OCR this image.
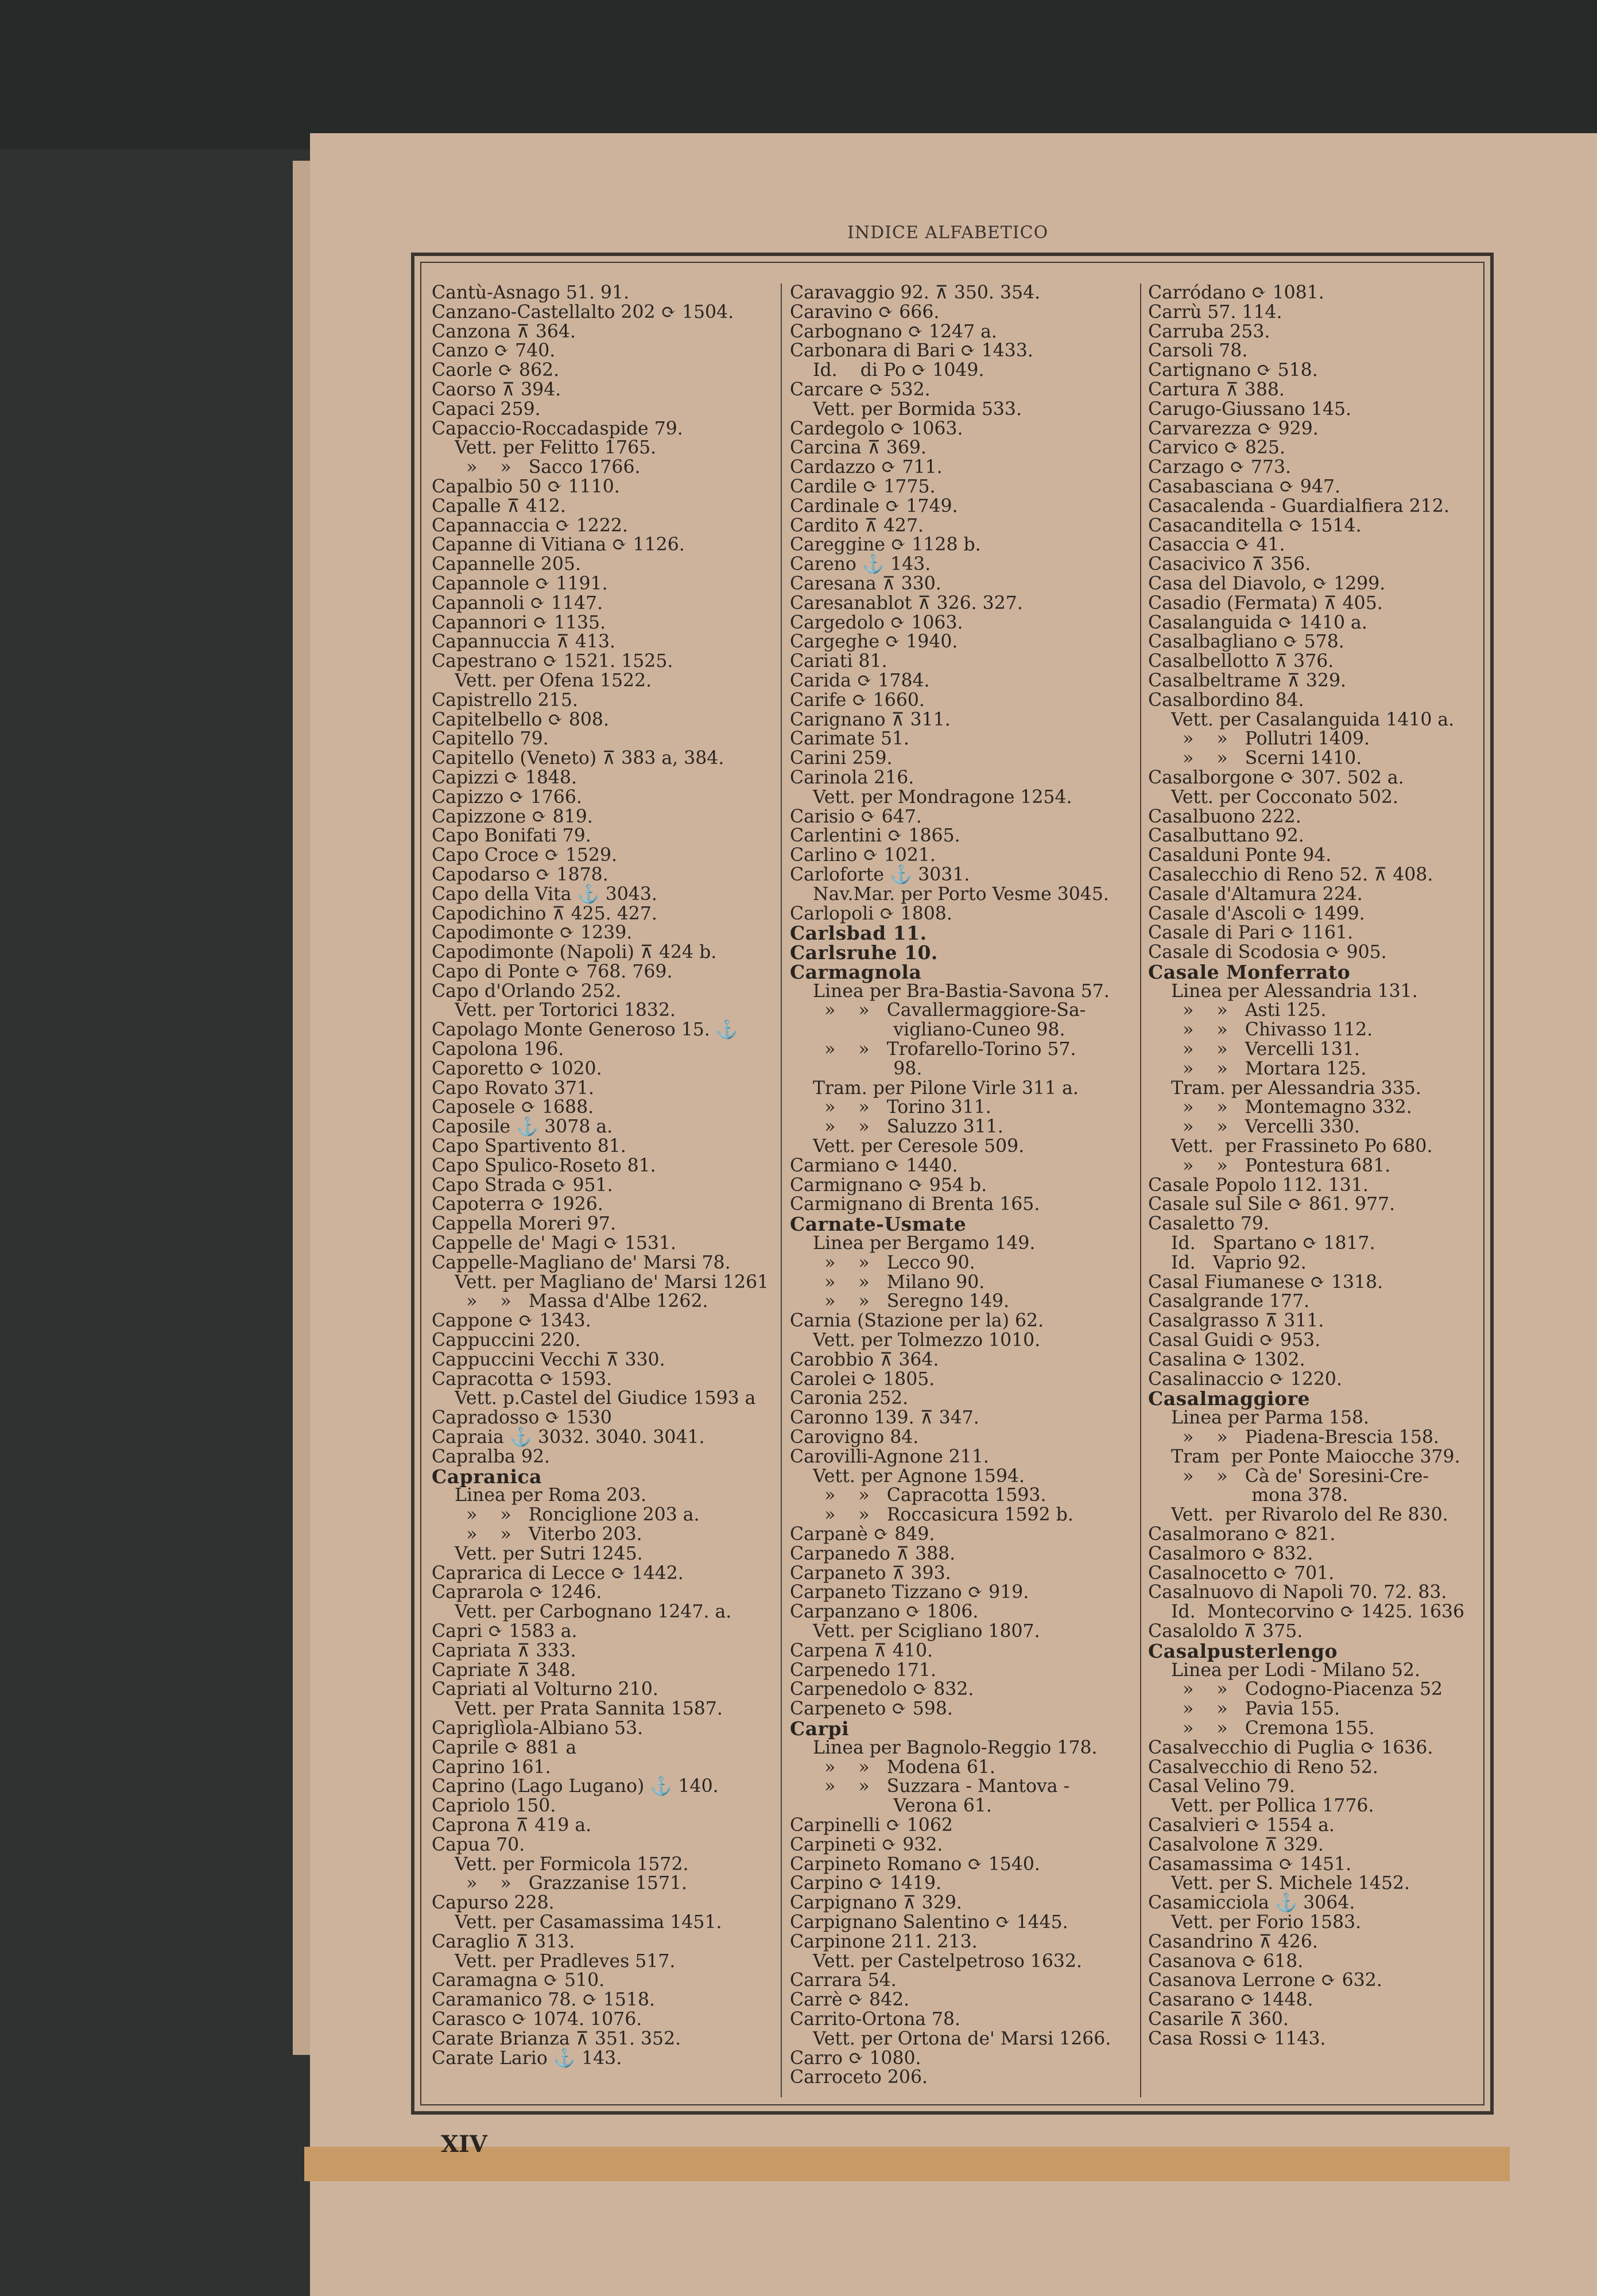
INDICE ALFABETICO
Cantù-Asnago 51. 91.
Canzano-Castellalto 202 ⟳ 1504.
Canzona ⊼ 364.
Canzo ⟳ 740.
Caorle ⟳ 862.
Caorso ⊼ 394.
Capaci 259.
Capaccio-Roccadaspide 79.
Vett. per Felitto 1765.
»    »   Sacco 1766.
Capalbio 50 ⟳ 1110.
Capalle ⊼ 412.
Capannaccia ⟳ 1222.
Capanne di Vitiana ⟳ 1126.
Capannelle 205.
Capannole ⟳ 1191.
Capannoli ⟳ 1147.
Capannori ⟳ 1135.
Capannuccia ⊼ 413.
Capestrano ⟳ 1521. 1525.
Vett. per Ofena 1522.
Capistrello 215.
Capitelbello ⟳ 808.
Capitello 79.
Capitello (Veneto) ⊼ 383 a, 384.
Capizzi ⟳ 1848.
Capizzo ⟳ 1766.
Capizzone ⟳ 819.
Capo Bonifati 79.
Capo Croce ⟳ 1529.
Capodarso ⟳ 1878.
Capo della Vita ⚓ 3043.
Capodichino ⊼ 425. 427.
Capodimonte ⟳ 1239.
Capodimonte (Napoli) ⊼ 424 b.
Capo di Ponte ⟳ 768. 769.
Capo d'Orlando 252.
Vett. per Tortorici 1832.
Capolago Monte Generoso 15. ⚓
Capolona 196.
Caporetto ⟳ 1020.
Capo Rovato 371.
Caposele ⟳ 1688.
Caposile ⚓ 3078 a.
Capo Spartivento 81.
Capo Spulico-Roseto 81.
Capo Strada ⟳ 951.
Capoterra ⟳ 1926.
Cappella Moreri 97.
Cappelle de' Magi ⟳ 1531.
Cappelle-Magliano de' Marsi 78.
Vett. per Magliano de' Marsi 1261
»    »   Massa d'Albe 1262.
Cappone ⟳ 1343.
Cappuccini 220.
Cappuccini Vecchi ⊼ 330.
Capracotta ⟳ 1593.
Vett. p.Castel del Giudice 1593 a
Capradosso ⟳ 1530
Capraia ⚓ 3032. 3040. 3041.
Capralba 92.
Capranica
Linea per Roma 203.
»    »   Ronciglione 203 a.
»    »   Viterbo 203.
Vett. per Sutri 1245.
Caprarica di Lecce ⟳ 1442.
Caprarola ⟳ 1246.
Vett. per Carbognano 1247. a.
Capri ⟳ 1583 a.
Capriata ⊼ 333.
Capriate ⊼ 348.
Capriati al Volturno 210.
Vett. per Prata Sannita 1587.
Capriglìola-Albiano 53.
Caprile ⟳ 881 a
Caprino 161.
Caprino (Lago Lugano) ⚓ 140.
Capriolo 150.
Caprona ⊼ 419 a.
Capua 70.
Vett. per Formicola 1572.
»    »   Grazzanise 1571.
Capurso 228.
Vett. per Casamassima 1451.
Caraglio ⊼ 313.
Vett. per Pradleves 517.
Caramagna ⟳ 510.
Caramanico 78. ⟳ 1518.
Carasco ⟳ 1074. 1076.
Carate Brianza ⊼ 351. 352.
Carate Lario ⚓ 143.
Caravaggio 92. ⊼ 350. 354.
Caravino ⟳ 666.
Carbognano ⟳ 1247 a.
Carbonara di Bari ⟳ 1433.
Id.    di Po ⟳ 1049.
Carcare ⟳ 532.
Vett. per Bormida 533.
Cardegolo ⟳ 1063.
Carcina ⊼ 369.
Cardazzo ⟳ 711.
Cardile ⟳ 1775.
Cardinale ⟳ 1749.
Cardito ⊼ 427.
Careggine ⟳ 1128 b.
Careno ⚓ 143.
Caresana ⊼ 330.
Caresanablot ⊼ 326. 327.
Cargedolo ⟳ 1063.
Cargeghe ⟳ 1940.
Cariati 81.
Carida ⟳ 1784.
Carife ⟳ 1660.
Carignano ⊼ 311.
Carimate 51.
Carini 259.
Carinola 216.
Vett. per Mondragone 1254.
Carisio ⟳ 647.
Carlentini ⟳ 1865.
Carlino ⟳ 1021.
Carloforte ⚓ 3031.
Nav.Mar. per Porto Vesme 3045.
Carlopoli ⟳ 1808.
Carlsbad 11.
Carlsruhe 10.
Carmagnola
Linea per Bra-Bastia-Savona 57.
»    »   Cavallermaggiore-Sa-
vigliano-Cuneo 98.
»    »   Trofarello-Torino 57.
98.
Tram. per Pilone Virle 311 a.
»    »   Torino 311.
»    »   Saluzzo 311.
Vett. per Ceresole 509.
Carmiano ⟳ 1440.
Carmignano ⟳ 954 b.
Carmignano di Brenta 165.
Carnate-Usmate
Linea per Bergamo 149.
»    »   Lecco 90.
»    »   Milano 90.
»    »   Seregno 149.
Carnia (Stazione per la) 62.
Vett. per Tolmezzo 1010.
Carobbio ⊼ 364.
Carolei ⟳ 1805.
Caronia 252.
Caronno 139. ⊼ 347.
Carovigno 84.
Carovilli-Agnone 211.
Vett. per Agnone 1594.
»    »   Capracotta 1593.
»    »   Roccasicura 1592 b.
Carpanè ⟳ 849.
Carpanedo ⊼ 388.
Carpaneto ⊼ 393.
Carpaneto Tizzano ⟳ 919.
Carpanzano ⟳ 1806.
Vett. per Scigliano 1807.
Carpena ⊼ 410.
Carpenedo 171.
Carpenedolo ⟳ 832.
Carpeneto ⟳ 598.
Carpi
Linea per Bagnolo-Reggio 178.
»    »   Modena 61.
»    »   Suzzara - Mantova -
Verona 61.
Carpinelli ⟳ 1062
Carpineti ⟳ 932.
Carpineto Romano ⟳ 1540.
Carpino ⟳ 1419.
Carpignano ⊼ 329.
Carpignano Salentino ⟳ 1445.
Carpinone 211. 213.
Vett. per Castelpetroso 1632.
Carrara 54.
Carrè ⟳ 842.
Carrito-Ortona 78.
Vett. per Ortona de' Marsi 1266.
Carro ⟳ 1080.
Carroceto 206.
Carródano ⟳ 1081.
Carrù 57. 114.
Carruba 253.
Carsoli 78.
Cartignano ⟳ 518.
Cartura ⊼ 388.
Carugo-Giussano 145.
Carvarezza ⟳ 929.
Carvico ⟳ 825.
Carzago ⟳ 773.
Casabasciana ⟳ 947.
Casacalenda - Guardialfiera 212.
Casacanditella ⟳ 1514.
Casaccia ⟳ 41.
Casacivico ⊼ 356.
Casa del Diavolo, ⟳ 1299.
Casadio (Fermata) ⊼ 405.
Casalanguida ⟳ 1410 a.
Casalbagliano ⟳ 578.
Casalbellotto ⊼ 376.
Casalbeltrame ⊼ 329.
Casalbordino 84.
Vett. per Casalanguida 1410 a.
»    »   Pollutri 1409.
»    »   Scerni 1410.
Casalborgone ⟳ 307. 502 a.
Vett. per Cocconato 502.
Casalbuono 222.
Casalbuttano 92.
Casalduni Ponte 94.
Casalecchio di Reno 52. ⊼ 408.
Casale d'Altamura 224.
Casale d'Ascoli ⟳ 1499.
Casale di Pari ⟳ 1161.
Casale di Scodosia ⟳ 905.
Casale Monferrato
Linea per Alessandria 131.
»    »   Asti 125.
»    »   Chivasso 112.
»    »   Vercelli 131.
»    »   Mortara 125.
Tram. per Alessandria 335.
»    »   Montemagno 332.
»    »   Vercelli 330.
Vett.  per Frassineto Po 680.
»    »   Pontestura 681.
Casale Popolo 112. 131.
Casale sul Sile ⟳ 861. 977.
Casaletto 79.
Id.   Spartano ⟳ 1817.
Id.   Vaprio 92.
Casal Fiumanese ⟳ 1318.
Casalgrande 177.
Casalgrasso ⊼ 311.
Casal Guidi ⟳ 953.
Casalina ⟳ 1302.
Casalinaccio ⟳ 1220.
Casalmaggiore
Linea per Parma 158.
»    »   Piadena-Brescia 158.
Tram  per Ponte Maiocche 379.
»    »   Cà de' Soresini-Cre-
mona 378.
Vett.  per Rivarolo del Re 830.
Casalmorano ⟳ 821.
Casalmoro ⟳ 832.
Casalnocetto ⟳ 701.
Casalnuovo di Napoli 70. 72. 83.
Id.  Montecorvino ⟳ 1425. 1636
Casaloldo ⊼ 375.
Casalpusterlengo
Linea per Lodi - Milano 52.
»    »   Codogno-Piacenza 52
»    »   Pavia 155.
»    »   Cremona 155.
Casalvecchio di Puglia ⟳ 1636.
Casalvecchio di Reno 52.
Casal Velino 79.
Vett. per Pollica 1776.
Casalvieri ⟳ 1554 a.
Casalvolone ⊼ 329.
Casamassima ⟳ 1451.
Vett. per S. Michele 1452.
Casamicciola ⚓ 3064.
Vett. per Forio 1583.
Casandrino ⊼ 426.
Casanova ⟳ 618.
Casanova Lerrone ⟳ 632.
Casarano ⟳ 1448.
Casarile ⊼ 360.
Casa Rossi ⟳ 1143.
XIV
